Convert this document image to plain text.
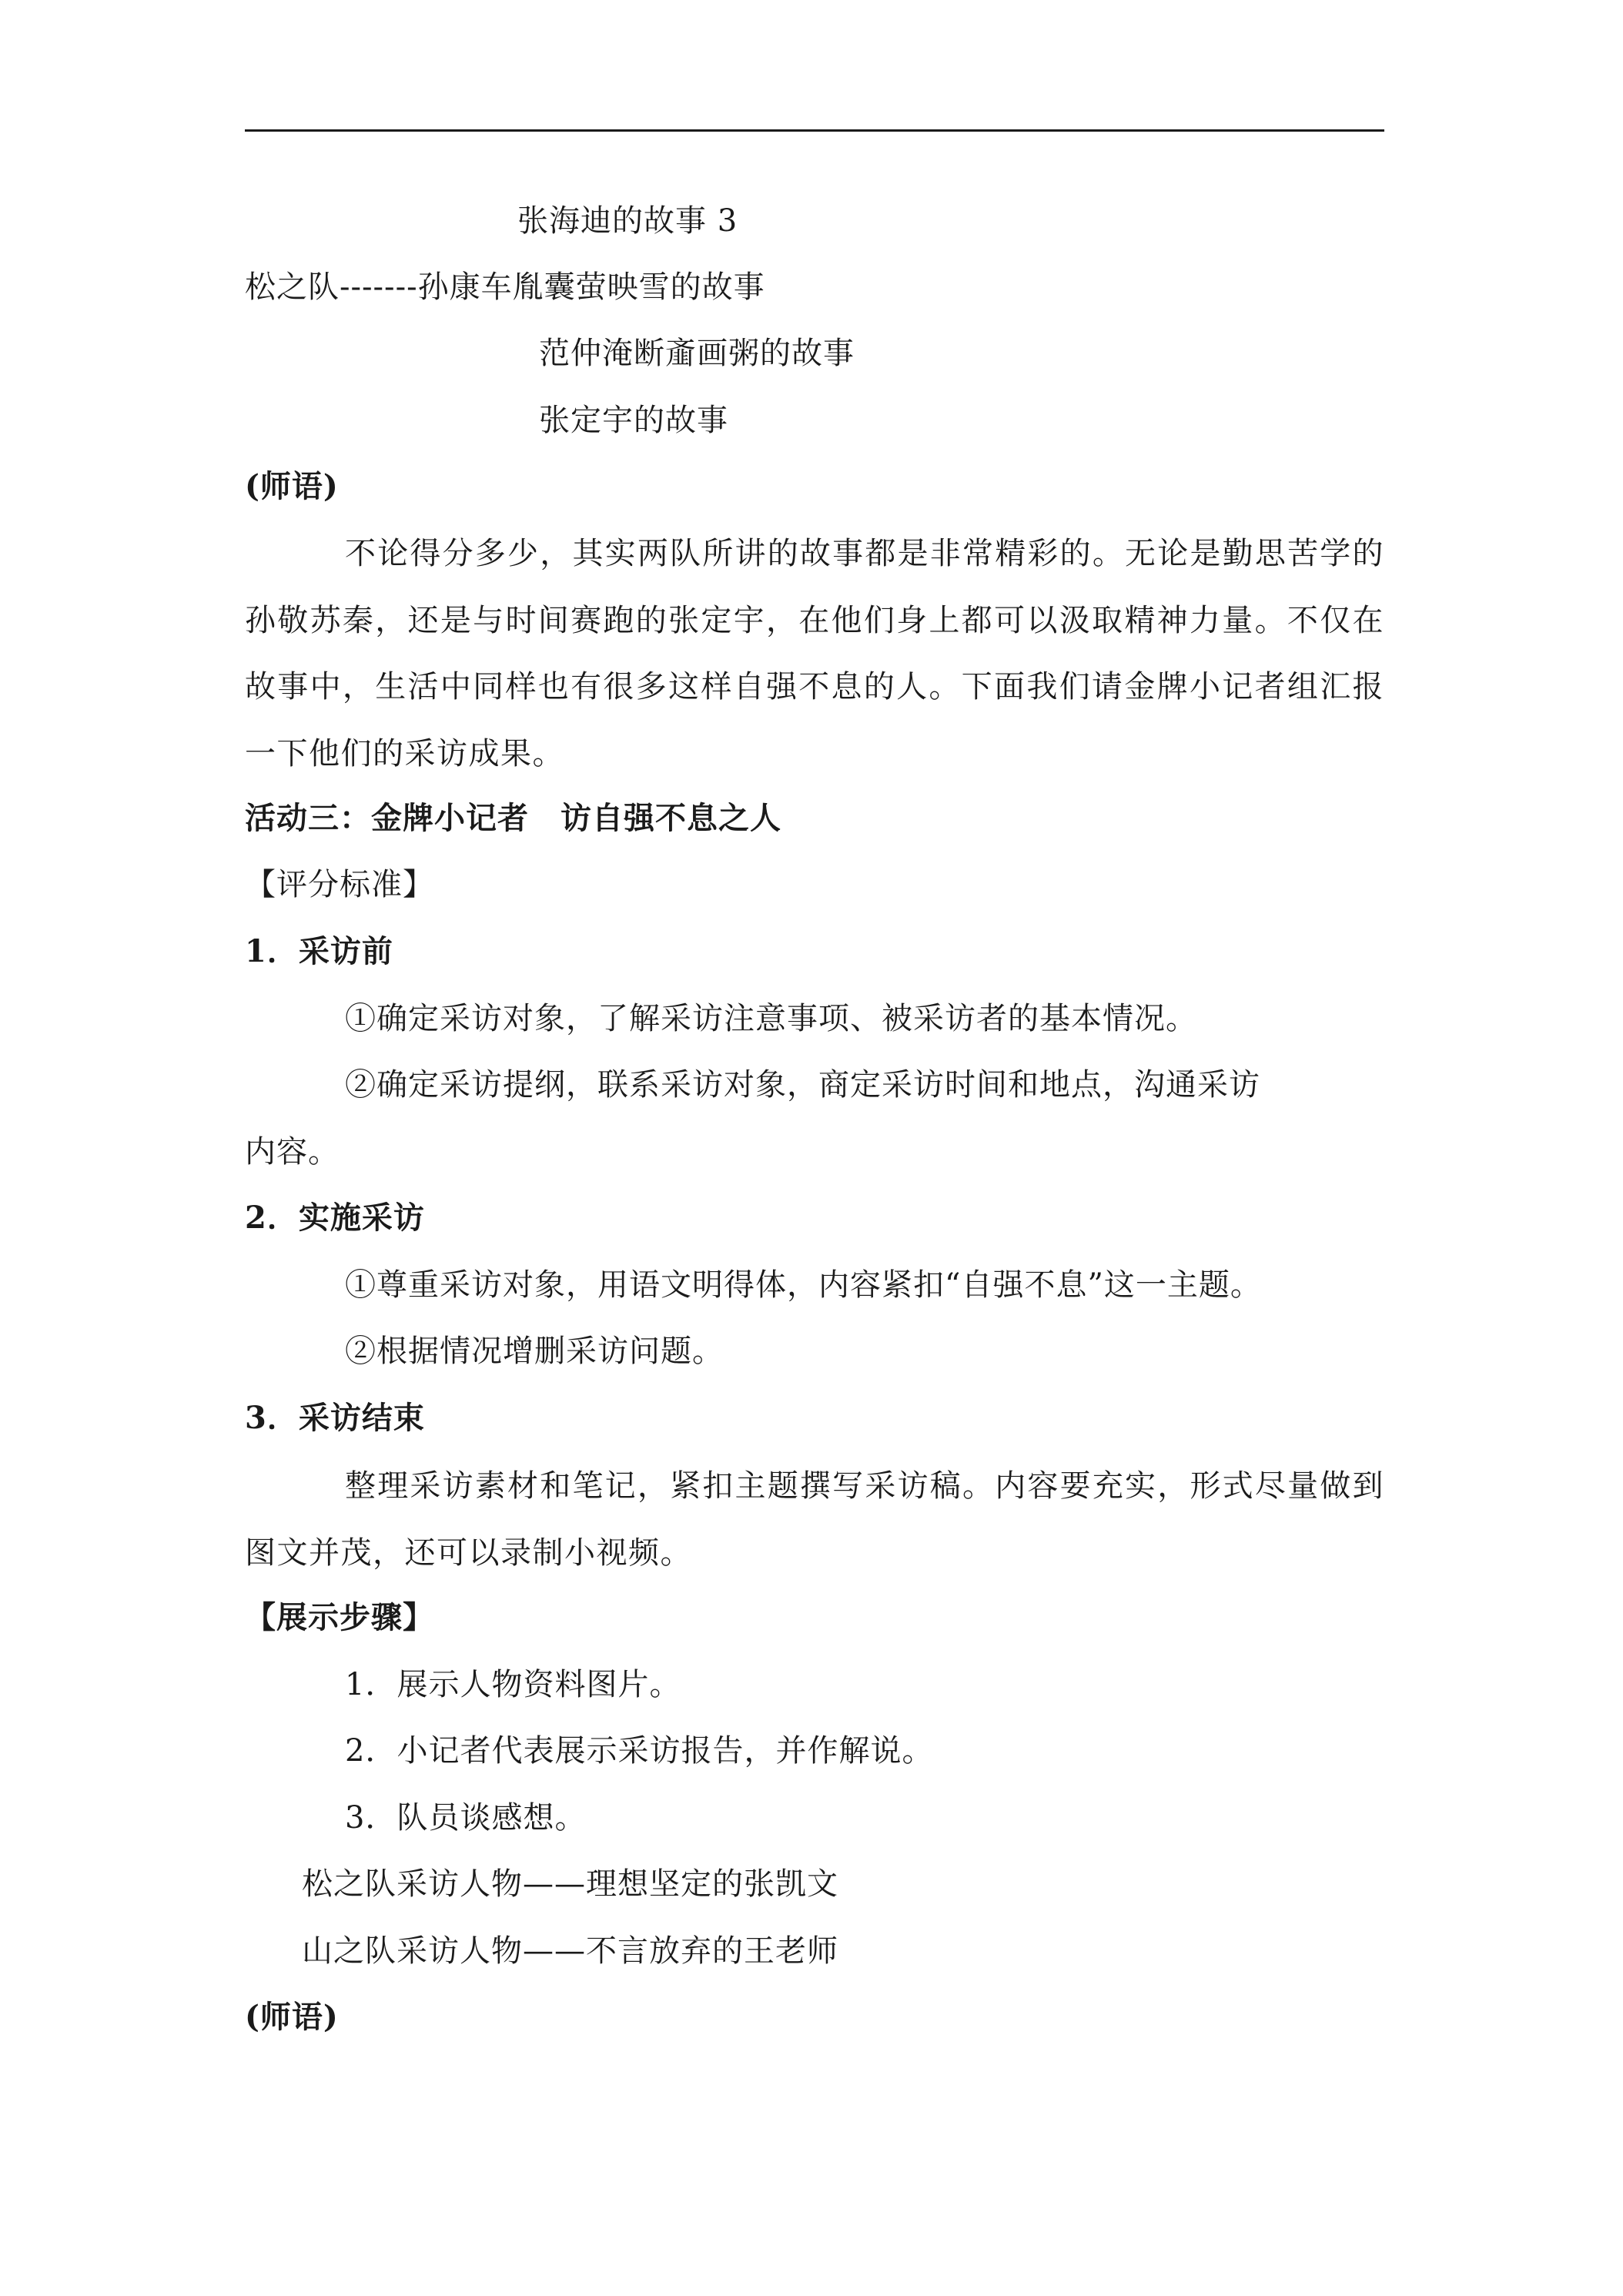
张海迪的故事 3
松之队-------孙康车胤囊萤映雪的故事
范仲淹断齑画粥的故事
张定宇的故事
(师语)
不论得分多少，其实两队所讲的故事都是非常精彩的。无论是勤思苦学的孙敬苏秦，还是与时间赛跑的张定宇，在他们身上都可以汲取精神力量。不仅在故事中，生活中同样也有很多这样自强不息的人。下面我们请金牌小记者组汇报一下他们的采访成果。
活动三：金牌小记者　访自强不息之人
【评分标准】
1．采访前
①确定采访对象，了解采访注意事项、被采访者的基本情况。
②确定采访提纲，联系采访对象，商定采访时间和地点，沟通采访
内容。
2．实施采访
①尊重采访对象，用语文明得体，内容紧扣“自强不息”这一主题。
②根据情况增删采访问题。
3．采访结束
整理采访素材和笔记，紧扣主题撰写采访稿。内容要充实，形式尽量做到图文并茂，还可以录制小视频。
【展示步骤】
1．展示人物资料图片。
2．小记者代表展示采访报告，并作解说。
3．队员谈感想。
松之队采访人物——理想坚定的张凯文
山之队采访人物——不言放弃的王老师
(师语)
